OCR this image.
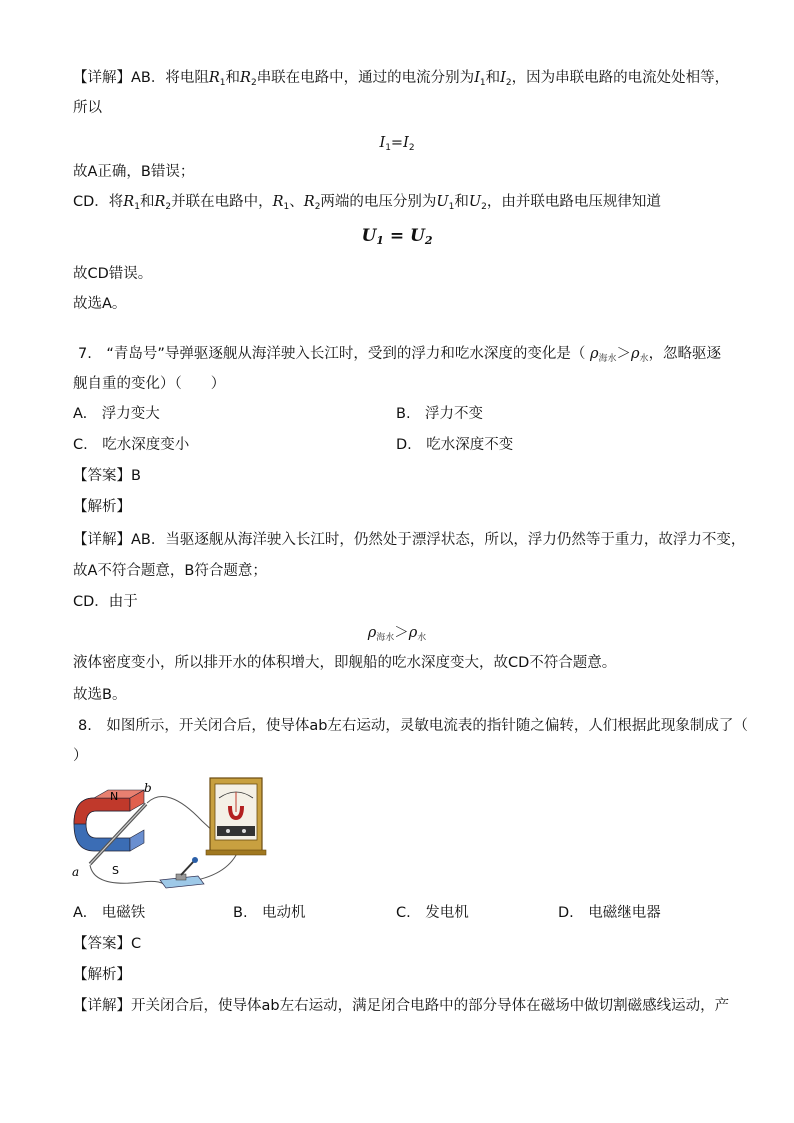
【详解】AB．将电阻$R_1$和$R_2$串联在电路中，通过的电流分别为$I_1$和$I_2$，因为串联电路的电流处处相等，
所以
$I_1=I_2$
故A正确，B错误；
CD．将$R_1$和$R_2$并联在电路中，$R_1$、$R_2$两端的电压分别为$U_1$和$U_2$，由并联电路电压规律知道
$U_1 = U_2$
故CD错误。
故选A。
7.　“青岛号”导弹驱逐舰从海洋驶入长江时，受到的浮力和吃水深度的变化是（ $\rho_{海水}>\rho_水$，忽略驱逐
舰自重的变化）（　　）
A.　浮力变大	B.　浮力不变
C.　吃水深度变小	D.　吃水深度不变
【答案】B
【解析】
【详解】AB．当驱逐舰从海洋驶入长江时，仍然处于漂浮状态，所以，浮力仍然等于重力，故浮力不变，
故A不符合题意，B符合题意；
CD．由于
$\rho_{海水}>\rho_水$
液体密度变小，所以排开水的体积增大，即舰船的吃水深度变大，故CD不符合题意。
故选B。
8.　如图所示，开关闭合后，使导体ab左右运动，灵敏电流表的指针随之偏转，人们根据此现象制成了（
）
N
S
a
b
A.　电磁铁	B.　电动机	C.　发电机	D.　电磁继电器
【答案】C
【解析】
【详解】开关闭合后，使导体ab左右运动，满足闭合电路中的部分导体在磁场中做切割磁感线运动，产
